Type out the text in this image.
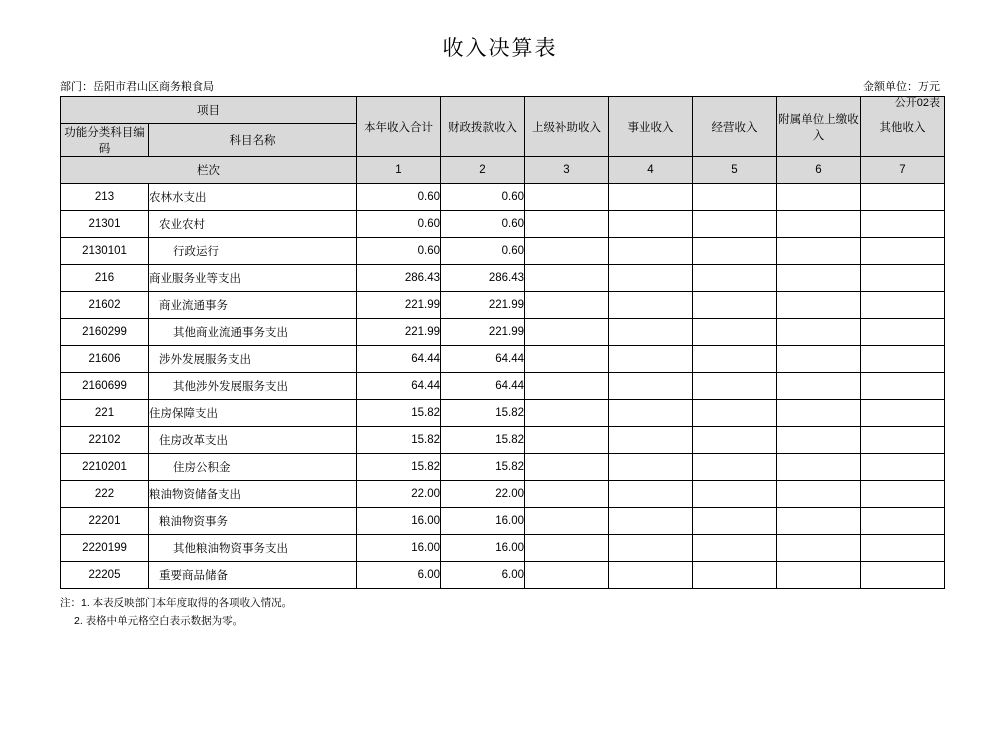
收入决算表
公开02表
部门：岳阳市君山区商务粮食局	金额单位：万元
项目		本年收入合计	财政拨款收入	上级补助收入	事业收入	经营收入	附属单位上缴收入	其他收入
功能分类科目编码	科目名称							
栏次		1	2	3	4	5	6	7
213	农林水支出	0.60	0.60					
21301	农业农村	0.60	0.60					
2130101	行政运行	0.60	0.60					
216	商业服务业等支出	286.43	286.43					
21602	商业流通事务	221.99	221.99					
2160299	其他商业流通事务支出	221.99	221.99					
21606	涉外发展服务支出	64.44	64.44					
2160699	其他涉外发展服务支出	64.44	64.44					
221	住房保障支出	15.82	15.82					
22102	住房改革支出	15.82	15.82					
2210201	住房公积金	15.82	15.82					
222	粮油物资储备支出	22.00	22.00					
22201	粮油物资事务	16.00	16.00					
2220199	其他粮油物资事务支出	16.00	16.00					
22205	重要商品储备	6.00	6.00					
注：1. 本表反映部门本年度取得的各项收入情况。
2. 表格中单元格空白表示数据为零。
